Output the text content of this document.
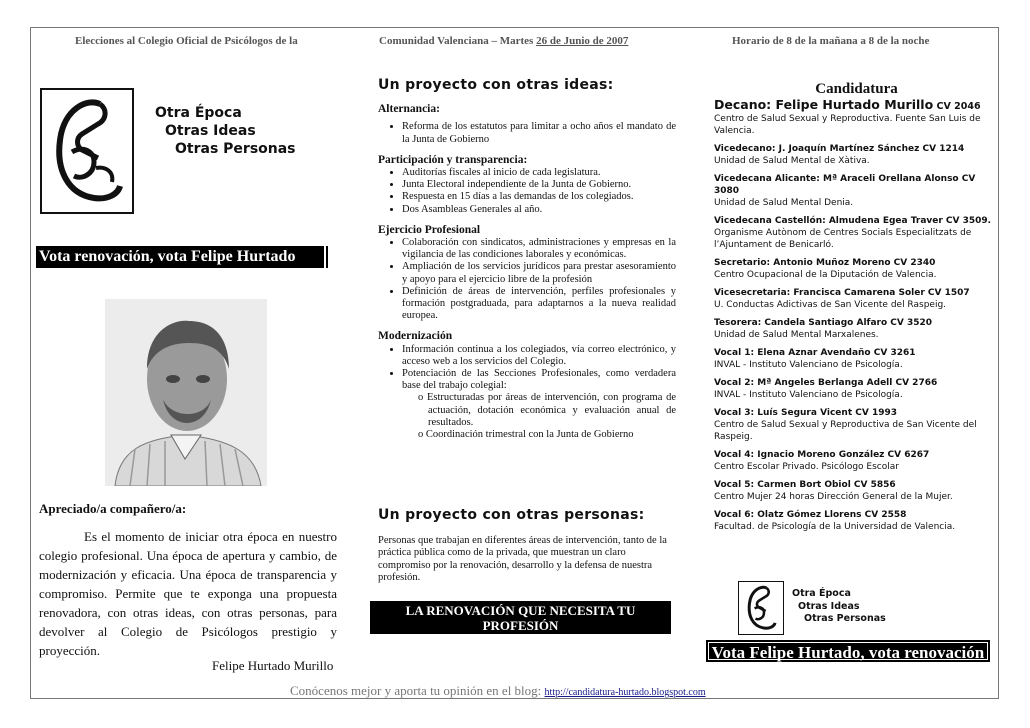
Elecciones al Colegio Oficial de Psicólogos de la	Comunidad Valenciana – Martes 26 de Junio de 2007	Horario de 8 de la mañana a 8 de la noche
Otra Época
Otras Ideas
Otras Personas
Vota renovación, vota Felipe Hurtado
Apreciado/a compañero/a:
Es el momento de iniciar otra época en nuestro colegio profesional. Una época de apertura y cambio, de modernización y eficacia. Una época de transparencia y compromiso. Permite que te exponga una propuesta renovadora, con otras ideas, con otras personas, para devolver al Colegio de Psicólogos prestigio y proyección.
Felipe Hurtado Murillo
Un proyecto con otras ideas:
Alternancia:
• Reforma de los estatutos para limitar a ocho años el mandato de la Junta de Gobierno
Participación y transparencia:
• Auditorías fiscales al inicio de cada legislatura.
• Junta Electoral independiente de la Junta de Gobierno.
• Respuesta en 15 días a las demandas de los colegiados.
• Dos Asambleas Generales al año.
Ejercicio Profesional
• Colaboración con sindicatos, administraciones y empresas en la vigilancia de las condiciones laborales y económicas.
• Ampliación de los servicios jurídicos para prestar asesoramiento y apoyo para el ejercicio libre de la profesión
• Definición de áreas de intervención, perfiles profesionales y formación postgraduada, para adaptarnos a la nueva realidad europea.
Modernización
• Información continua a los colegiados, vía correo electrónico, y acceso web a los servicios del Colegio.
• Potenciación de las Secciones Profesionales, como verdadera base del trabajo colegial:
o Estructuradas por áreas de intervención, con programa de actuación, dotación económica y evaluación anual de resultados.
o Coordinación trimestral con la Junta de Gobierno
Un proyecto con otras personas:
Personas que trabajan en diferentes áreas de intervención, tanto de la práctica pública como de la privada, que muestran un claro compromiso por la renovación, desarrollo y la defensa de nuestra profesión.
LA RENOVACIÓN QUE NECESITA TU PROFESIÓN
Candidatura
Decano: Felipe Hurtado Murillo CV 2046
Centro de Salud Sexual y Reproductiva. Fuente San Luis de Valencia.
Vicedecano: J. Joaquín Martínez Sánchez CV 1214
Unidad de Salud Mental de Xàtiva.
Vicedecana Alicante: Mª Araceli Orellana Alonso CV 3080
Unidad de Salud Mental Denia.
Vicedecana Castellón: Almudena Egea Traver CV 3509.
Organisme Autònom de Centres Socials Especialitzats de l’Ajuntament de Benicarló.
Secretario: Antonio Muñoz Moreno CV 2340
Centro Ocupacional de la Diputación de Valencia.
Vicesecretaria: Francisca Camarena Soler CV 1507
U. Conductas Adictivas de San Vicente del Raspeig.
Tesorera: Candela Santiago Alfaro CV 3520
Unidad de Salud Mental Marxalenes.
Vocal 1: Elena Aznar Avendaño CV 3261
INVAL - Instituto Valenciano de Psicología.
Vocal 2: Mª Angeles Berlanga Adell CV 2766
INVAL - Instituto Valenciano de Psicología.
Vocal 3: Luís Segura Vicent CV 1993
Centro de Salud Sexual y Reproductiva de San Vicente del Raspeig.
Vocal 4: Ignacio Moreno González CV 6267
Centro Escolar Privado. Psicólogo Escolar
Vocal 5: Carmen Bort Obiol CV 5856
Centro Mujer 24 horas Dirección General de la Mujer.
Vocal 6: Olatz Gómez Llorens CV 2558
Facultad. de Psicología de la Universidad de Valencia.
Otra Época
Otras Ideas
Otras Personas
Vota Felipe Hurtado, vota renovación
Conócenos mejor y aporta tu opinión en el blog: http://candidatura-hurtado.blogspot.com
